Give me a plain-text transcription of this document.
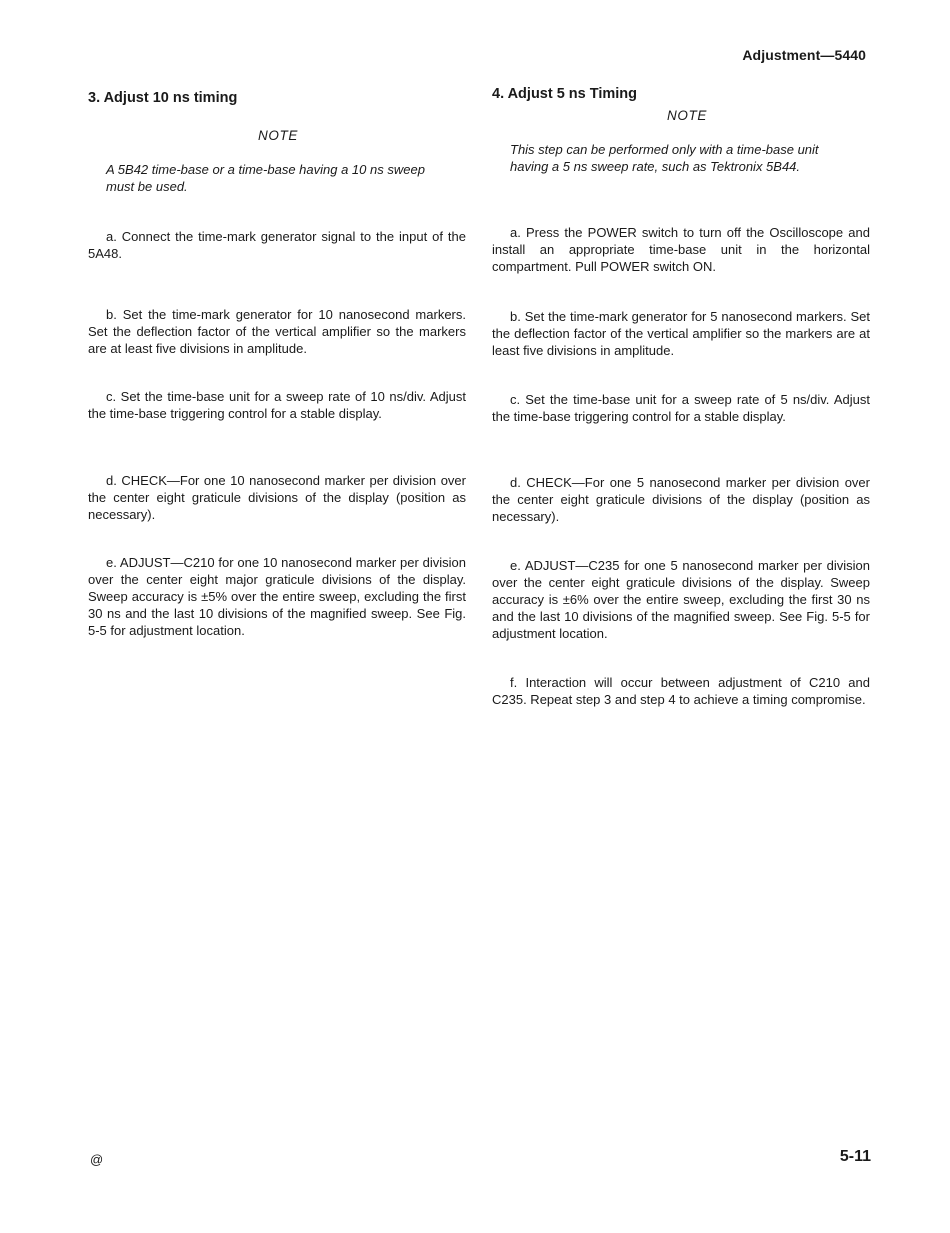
Adjustment—5440
3. Adjust 10 ns timing
NOTE
A 5B42 time-base or a time-base having a 10 ns sweep must be used.

a. Connect the time-mark generator signal to the input of the 5A48.

b. Set the time-mark generator for 10 nanosecond markers. Set the deflection factor of the vertical amplifier so the markers are at least five divisions in amplitude.

c. Set the time-base unit for a sweep rate of 10 ns/div. Adjust the time-base triggering control for a stable display.

d. CHECK—For one 10 nanosecond marker per division over the center eight graticule divisions of the display (position as necessary).

e. ADJUST—C210 for one 10 nanosecond marker per division over the center eight major graticule divisions of the display. Sweep accuracy is ±5% over the entire sweep, excluding the first 30 ns and the last 10 divisions of the magnified sweep. See Fig. 5-5 for adjustment location.

4. Adjust 5 ns Timing
NOTE
This step can be performed only with a time-base unit having a 5 ns sweep rate, such as Tektronix 5B44.

a. Press the POWER switch to turn off the Oscilloscope and install an appropriate time-base unit in the horizontal compartment. Pull POWER switch ON.

b. Set the time-mark generator for 5 nanosecond markers. Set the deflection factor of the vertical amplifier so the markers are at least five divisions in amplitude.

c. Set the time-base unit for a sweep rate of 5 ns/div. Adjust the time-base triggering control for a stable display.

d. CHECK—For one 5 nanosecond marker per division over the center eight graticule divisions of the display (position as necessary).

e. ADJUST—C235 for one 5 nanosecond marker per division over the center eight graticule divisions of the display. Sweep accuracy is ±6% over the entire sweep, excluding the first 30 ns and the last 10 divisions of the magnified sweep. See Fig. 5-5 for adjustment location.

f. Interaction will occur between adjustment of C210 and C235. Repeat step 3 and step 4 to achieve a timing compromise.

@	5-11
